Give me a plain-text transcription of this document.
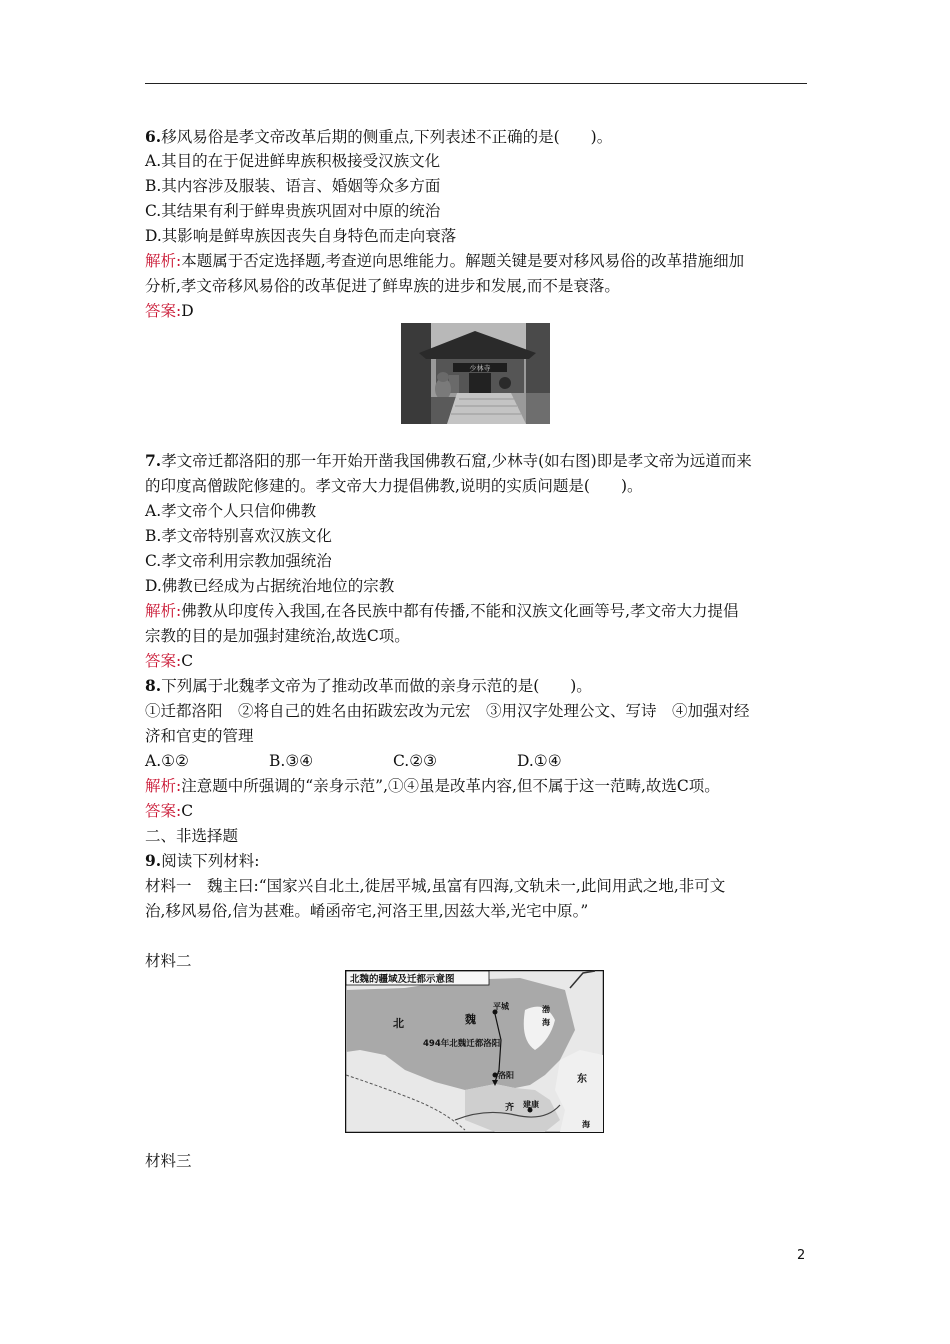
6.移风易俗是孝文帝改革后期的侧重点,下列表述不正确的是(　　)。
A.其目的在于促进鲜卑族积极接受汉族文化
B.其内容涉及服装、语言、婚姻等众多方面
C.其结果有利于鲜卑贵族巩固对中原的统治
D.其影响是鲜卑族因丧失自身特色而走向衰落
解析:本题属于否定选择题,考查逆向思维能力。解题关键是要对移风易俗的改革措施细加
分析,孝文帝移风易俗的改革促进了鲜卑族的进步和发展,而不是衰落。
答案:D
7.孝文帝迁都洛阳的那一年开始开凿我国佛教石窟,少林寺(如右图)即是孝文帝为远道而来
的印度高僧跋陀修建的。孝文帝大力提倡佛教,说明的实质问题是(　　)。
A.孝文帝个人只信仰佛教
B.孝文帝特别喜欢汉族文化
C.孝文帝利用宗教加强统治
D.佛教已经成为占据统治地位的宗教
解析:佛教从印度传入我国,在各民族中都有传播,不能和汉族文化画等号,孝文帝大力提倡
宗教的目的是加强封建统治,故选C项。
答案:C
8.下列属于北魏孝文帝为了推动改革而做的亲身示范的是(　　)。
①迁都洛阳　②将自己的姓名由拓跋宏改为元宏　③用汉字处理公文、写诗　④加强对经
济和官吏的管理
A.①②	B.③④	C.②③	D.①④
解析:注意题中所强调的“亲身示范”,①④虽是改革内容,但不属于这一范畴,故选C项。
答案:C
二、非选择题
9.阅读下列材料:
材料一　魏主曰:“国家兴自北土,徙居平城,虽富有四海,文轨未一,此间用武之地,非可文
治,移风易俗,信为甚难。崤函帝宅,河洛王里,因兹大举,光宅中原。”
材料二
材料三
少林寺
北魏的疆域及迁都示意图
北	魏
平城
494年北魏迁都洛阳
洛阳
渤
海
东
海
建康
齐
2
